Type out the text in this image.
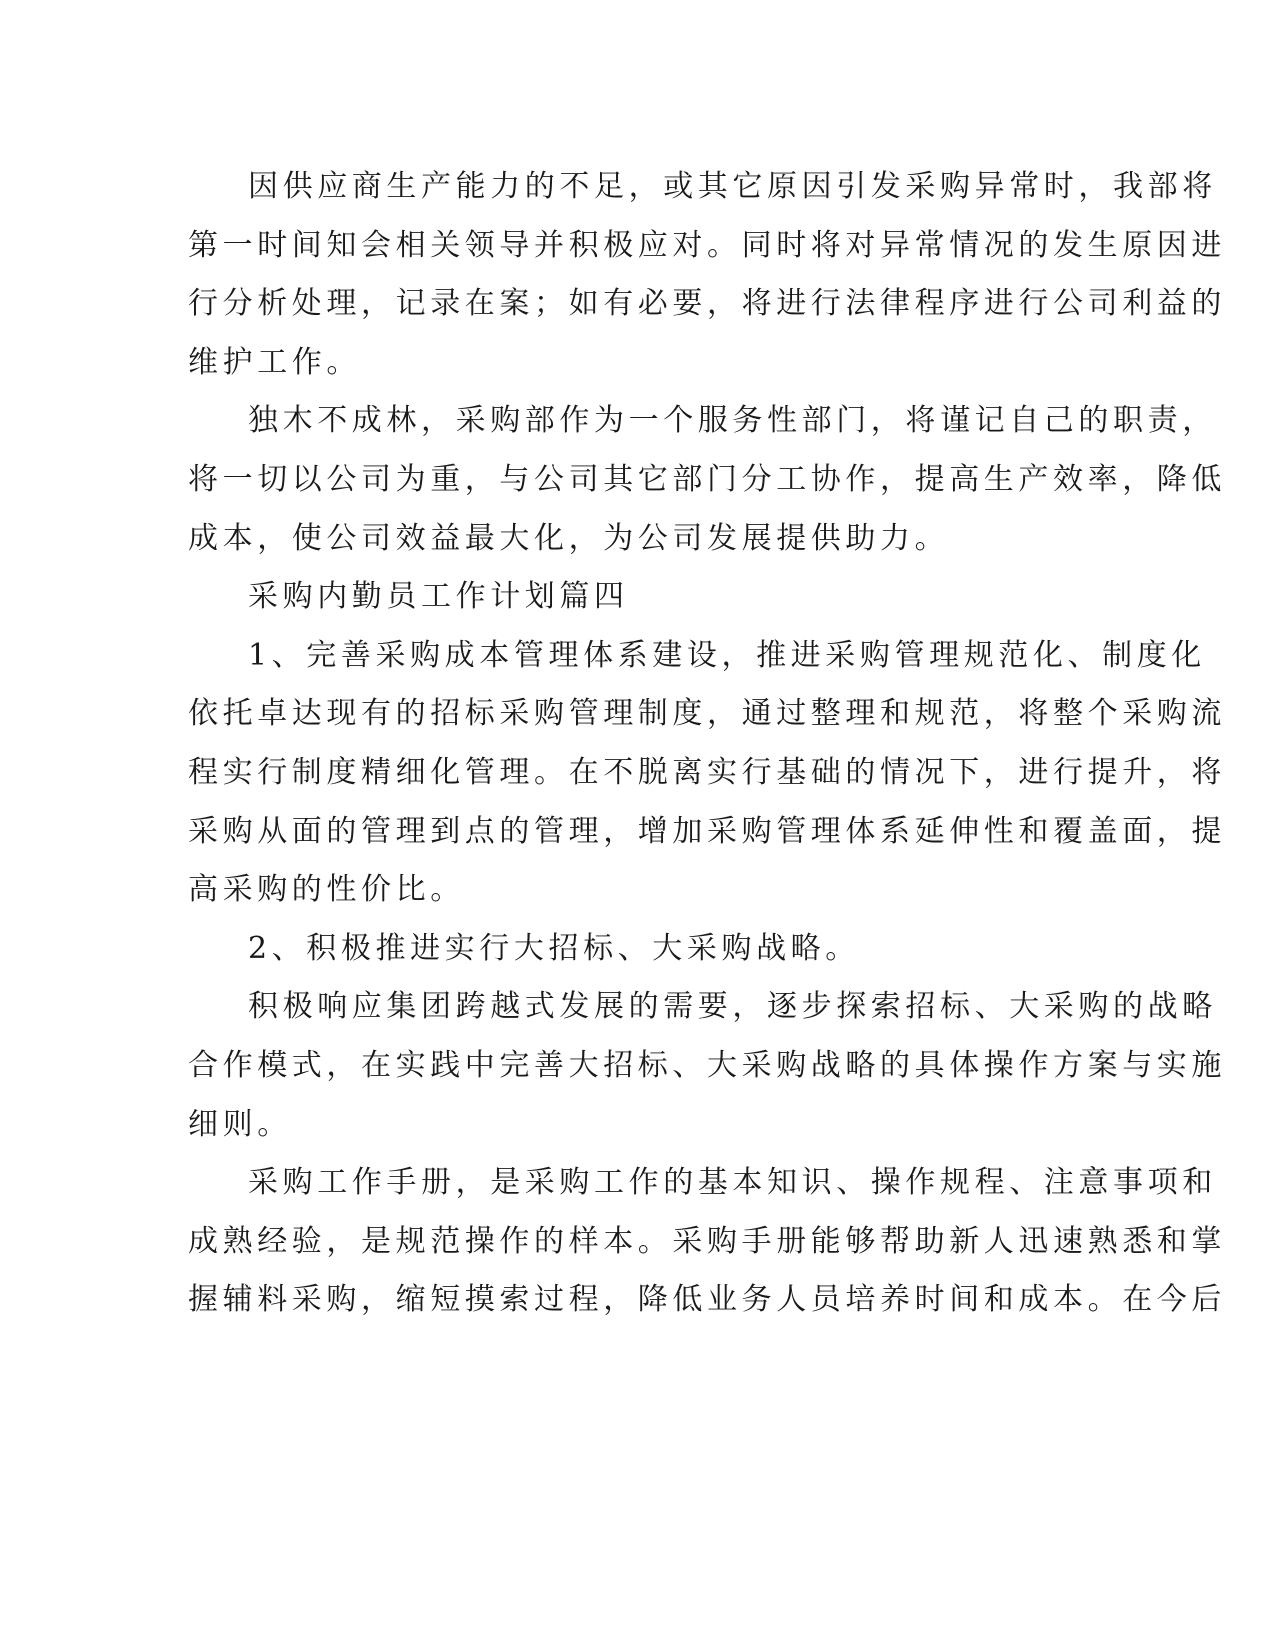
因供应商生产能力的不足，或其它原因引发采购异常时，我部将
第一时间知会相关领导并积极应对。同时将对异常情况的发生原因进
行分析处理，记录在案；如有必要，将进行法律程序进行公司利益的
维护工作。

独木不成林，采购部作为一个服务性部门，将谨记自己的职责，
将一切以公司为重，与公司其它部门分工协作，提高生产效率，降低
成本，使公司效益最大化，为公司发展提供助力。

采购内勤员工作计划篇四

1、完善采购成本管理体系建设，推进采购管理规范化、制度化
依托卓达现有的招标采购管理制度，通过整理和规范，将整个采购流
程实行制度精细化管理。在不脱离实行基础的情况下，进行提升，将
采购从面的管理到点的管理，增加采购管理体系延伸性和覆盖面，提
高采购的性价比。

2、积极推进实行大招标、大采购战略。

积极响应集团跨越式发展的需要，逐步探索招标、大采购的战略
合作模式，在实践中完善大招标、大采购战略的具体操作方案与实施
细则。

采购工作手册，是采购工作的基本知识、操作规程、注意事项和
成熟经验，是规范操作的样本。采购手册能够帮助新人迅速熟悉和掌
握辅料采购，缩短摸索过程，降低业务人员培养时间和成本。在今后
